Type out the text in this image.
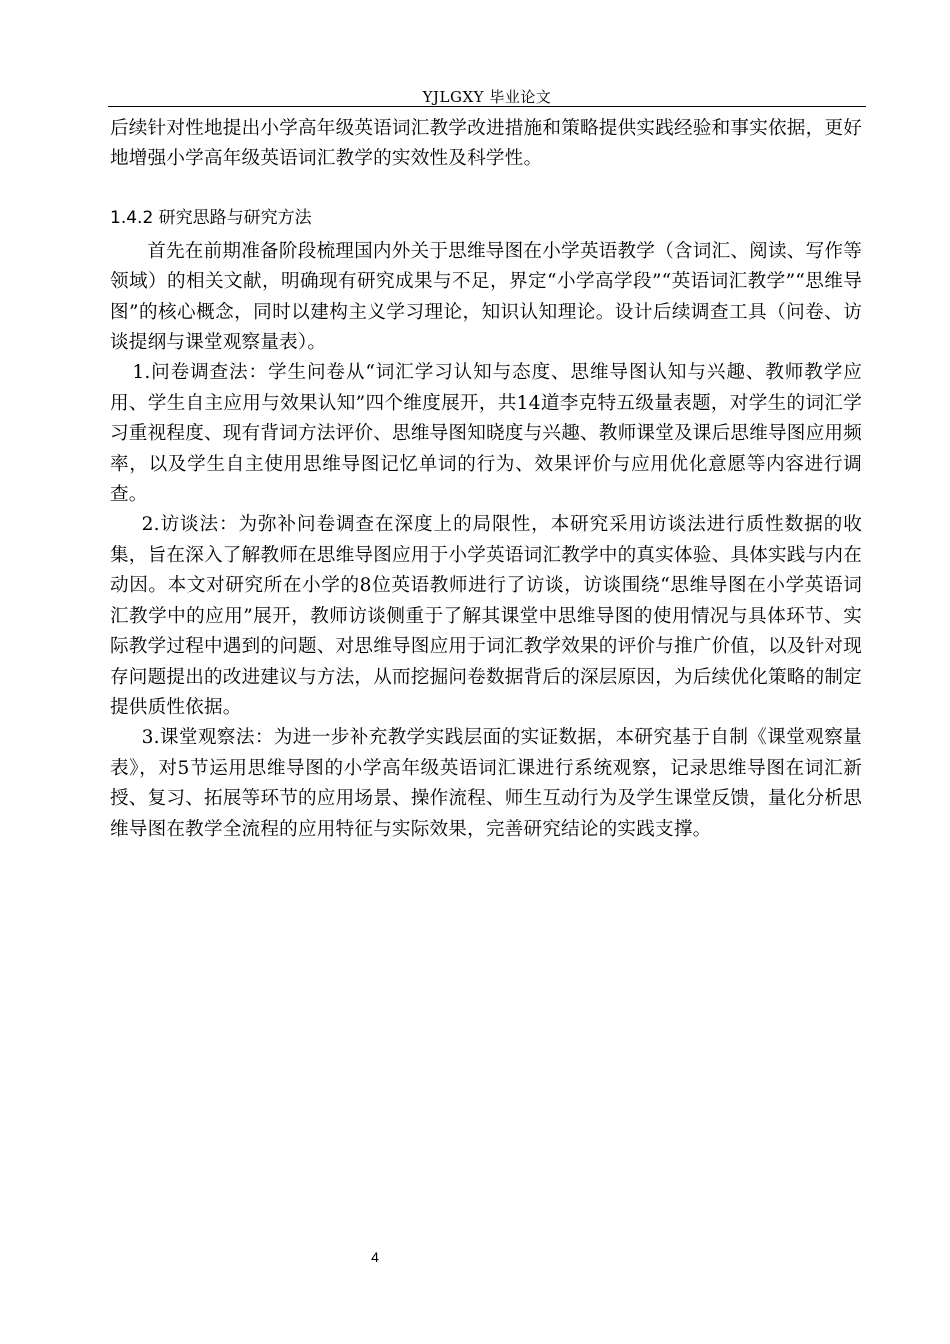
YJLGXY 毕业论文

后续针对性地提出小学高年级英语词汇教学改进措施和策略提供实践经验和事实依据，更好地增强小学高年级英语词汇教学的实效性及科学性。

1.4.2 研究思路与研究方法

首先在前期准备阶段梳理国内外关于思维导图在小学英语教学（含词汇、阅读、写作等领域）的相关文献，明确现有研究成果与不足，界定“小学高学段”“英语词汇教学”“思维导图”的核心概念，同时以建构主义学习理论，知识认知理论。设计后续调查工具（问卷、访谈提纲与课堂观察量表）。

1.问卷调查法：学生问卷从“词汇学习认知与态度、思维导图认知与兴趣、教师教学应用、学生自主应用与效果认知”四个维度展开，共14道李克特五级量表题，对学生的词汇学习重视程度、现有背词方法评价、思维导图知晓度与兴趣、教师课堂及课后思维导图应用频率，以及学生自主使用思维导图记忆单词的行为、效果评价与应用优化意愿等内容进行调查。

2.访谈法：为弥补问卷调查在深度上的局限性，本研究采用访谈法进行质性数据的收集，旨在深入了解教师在思维导图应用于小学英语词汇教学中的真实体验、具体实践与内在动因。本文对研究所在小学的8位英语教师进行了访谈，访谈围绕“思维导图在小学英语词汇教学中的应用”展开，教师访谈侧重于了解其课堂中思维导图的使用情况与具体环节、实际教学过程中遇到的问题、对思维导图应用于词汇教学效果的评价与推广价值，以及针对现存问题提出的改进建议与方法，从而挖掘问卷数据背后的深层原因，为后续优化策略的制定提供质性依据。

3.课堂观察法：为进一步补充教学实践层面的实证数据，本研究基于自制《课堂观察量表》，对5节运用思维导图的小学高年级英语词汇课进行系统观察，记录思维导图在词汇新授、复习、拓展等环节的应用场景、操作流程、师生互动行为及学生课堂反馈，量化分析思维导图在教学全流程的应用特征与实际效果，完善研究结论的实践支撑。

4
